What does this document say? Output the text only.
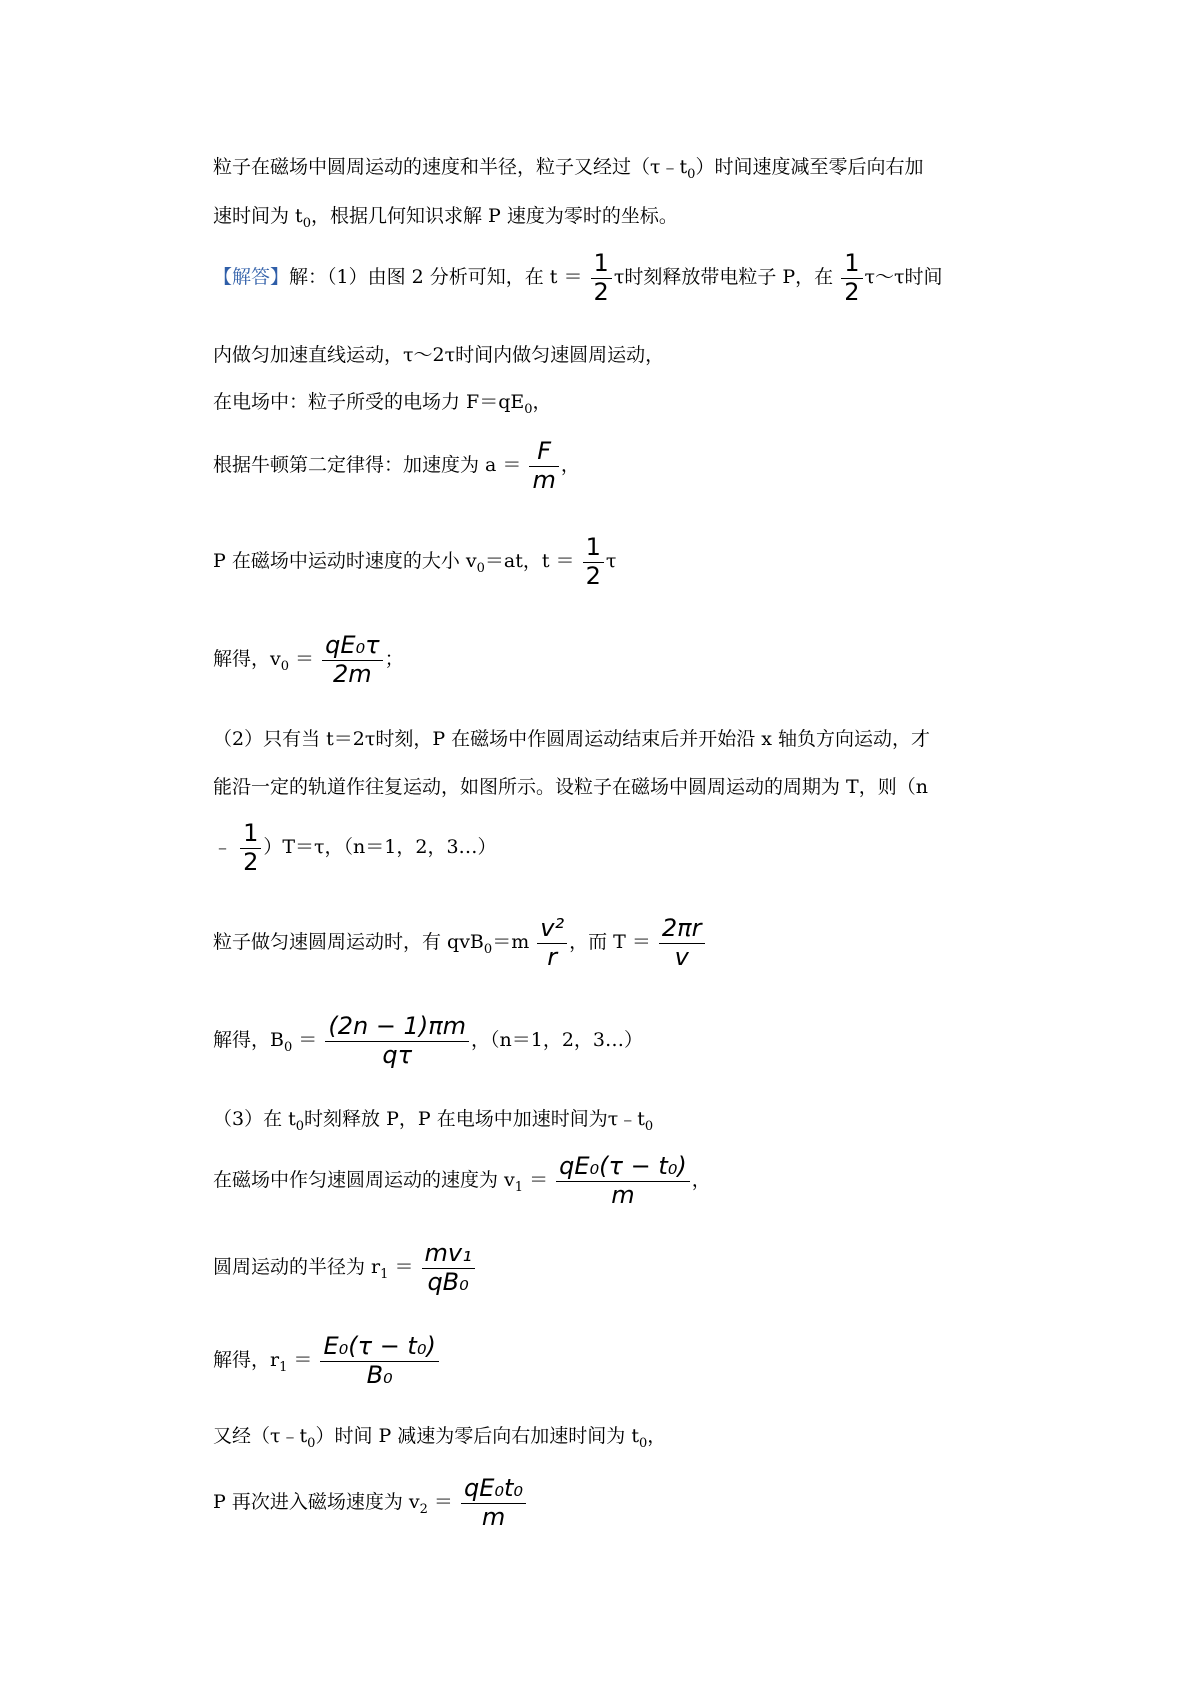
粒子在磁场中圆周运动的速度和半径，粒子又经过$(\tau﹣t_0)$时间速度减至零后向右加
速时间为 $t_0$，根据几何知识求解 P 速度为零时的坐标。
【解答】解：（1）由图 2 分析可知，在 $t = \frac{1}{2}$ τ时刻释放带电粒子 P，在 $\frac{1}{2}$ τ～τ时间
内做匀加速直线运动，τ～2τ时间内做匀速圆周运动，
在电场中：粒子所受的电场力 $F=qE_0$，
根据牛顿第二定律得：加速度为 $a = \frac{F}{m}$ ，
P 在磁场中运动时速度的大小 $v_0=at$，$t = \frac{1}{2}$ τ
解得，$v_0 = \frac{\text{qE₀τ}}{2m}$ ；
（2）只有当 t＝2τ时刻，P 在磁场中作圆周运动结束后并开始沿 x 轴负方向运动，才
能沿一定的轨道作往复运动，如图所示。设粒子在磁场中圆周运动的周期为 T，则（n
﹣ $\frac{1}{2} )T=\tau$，（n＝1，2，3…）
粒子做匀速圆周运动时，有 $qvB_0=m \frac{\text{v²}}{r}$ ，而 $T = \frac{2\pi r}{v}$
解得，$B_0 = \frac{(2n - 1)\pi m}{q\tau}$ ，（n＝1，2，3…）
（3）在 $t_0$时刻释放 P，P 在电场中加速时间为$\tau﹣t_0$
在磁场中作匀速圆周运动的速度为 $v_1 = \frac{\text{qE₀(τ − t₀)}}{m}$ ，
圆周运动的半径为 $r_1 = \frac{\text{mv₁}}{\text{qB₀}}$
解得，$r_1 = \frac{\text{E₀(τ − t₀)}}{\text{B₀}}$
又经$(\tau﹣t_0)$时间 P 减速为零后向右加速时间为 $t_0$，
P 再次进入磁场速度为 $v_2 = \frac{\text{qE₀t₀}}{m}$
